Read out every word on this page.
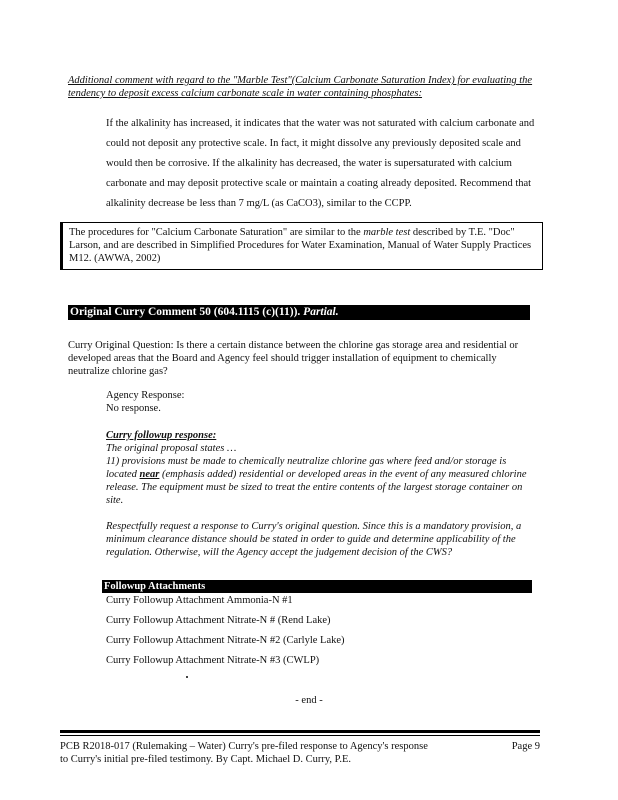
Additional comment with regard to the "Marble Test"(Calcium Carbonate Saturation Index) for evaluating the tendency to deposit excess calcium carbonate scale in water containing phosphates:
If the alkalinity has increased, it indicates that the water was not saturated with calcium carbonate and could not deposit any protective scale. In fact, it might dissolve any previously deposited scale and would then be corrosive. If the alkalinity has decreased, the water is supersaturated with calcium carbonate and may deposit protective scale or maintain a coating already deposited. Recommend that alkalinity decrease be less than 7 mg/L (as CaCO3), similar to the CCPP.
The procedures for "Calcium Carbonate Saturation" are similar to the marble test described by T.E. "Doc" Larson, and are described in Simplified Procedures for Water Examination, Manual of Water Supply Practices M12. (AWWA, 2002)
Original Curry Comment 50 (604.1115 (c)(11)). Partial.
Curry Original Question: Is there a certain distance between the chlorine gas storage area and residential or developed areas that the Board and Agency feel should trigger installation of equipment to chemically neutralize chlorine gas?
Agency Response:
No response.
Curry followup response:
The original proposal states …
11) provisions must be made to chemically neutralize chlorine gas where feed and/or storage is located near (emphasis added) residential or developed areas in the event of any measured chlorine release. The equipment must be sized to treat the entire contents of the largest storage container on site.
Respectfully request a response to Curry's original question. Since this is a mandatory provision, a minimum clearance distance should be stated in order to guide and determine applicability of the regulation. Otherwise, will the Agency accept the judgement decision of the CWS?
Followup Attachments
Curry Followup Attachment Ammonia-N #1
Curry Followup Attachment Nitrate-N # (Rend Lake)
Curry Followup Attachment Nitrate-N #2 (Carlyle Lake)
Curry Followup Attachment Nitrate-N #3 (CWLP)
- end -
PCB R2018-017 (Rulemaking – Water) Curry's pre-filed response to Agency's response
to Curry's initial pre-filed testimony. By Capt. Michael D. Curry, P.E.
Page 9
